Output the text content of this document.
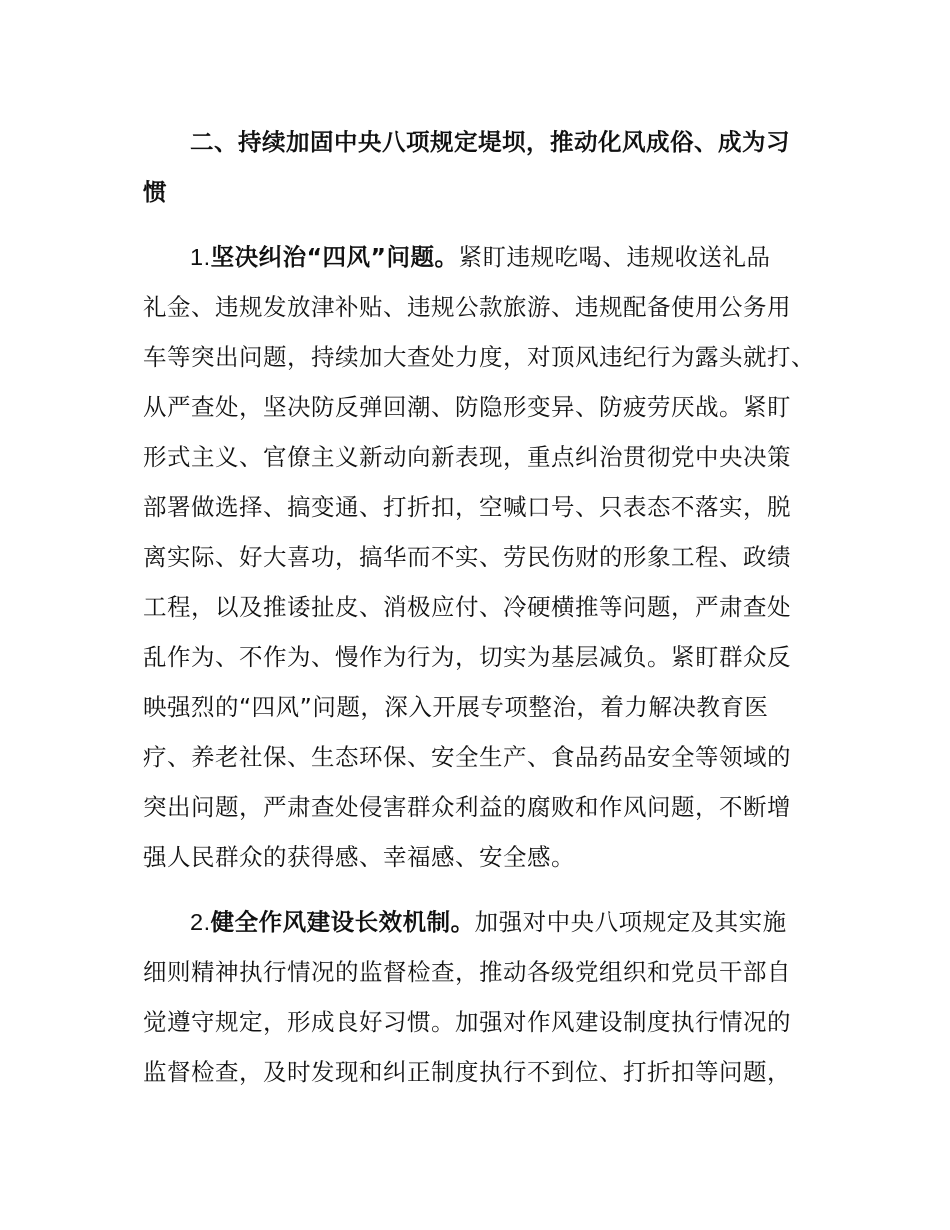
二、持续加固中央八项规定堤坝，推动化风成俗、成为习
惯
1.坚决纠治“四风”问题。紧盯违规吃喝、违规收送礼品
礼金、违规发放津补贴、违规公款旅游、违规配备使用公务用
车等突出问题，持续加大查处力度，对顶风违纪行为露头就打、
从严查处，坚决防反弹回潮、防隐形变异、防疲劳厌战。紧盯
形式主义、官僚主义新动向新表现，重点纠治贯彻党中央决策
部署做选择、搞变通、打折扣，空喊口号、只表态不落实，脱
离实际、好大喜功，搞华而不实、劳民伤财的形象工程、政绩
工程，以及推诿扯皮、消极应付、冷硬横推等问题，严肃查处
乱作为、不作为、慢作为行为，切实为基层减负。紧盯群众反
映强烈的“四风”问题，深入开展专项整治，着力解决教育医
疗、养老社保、生态环保、安全生产、食品药品安全等领域的
突出问题，严肃查处侵害群众利益的腐败和作风问题，不断增
强人民群众的获得感、幸福感、安全感。
2.健全作风建设长效机制。加强对中央八项规定及其实施
细则精神执行情况的监督检查，推动各级党组织和党员干部自
觉遵守规定，形成良好习惯。加强对作风建设制度执行情况的
监督检查，及时发现和纠正制度执行不到位、打折扣等问题，
